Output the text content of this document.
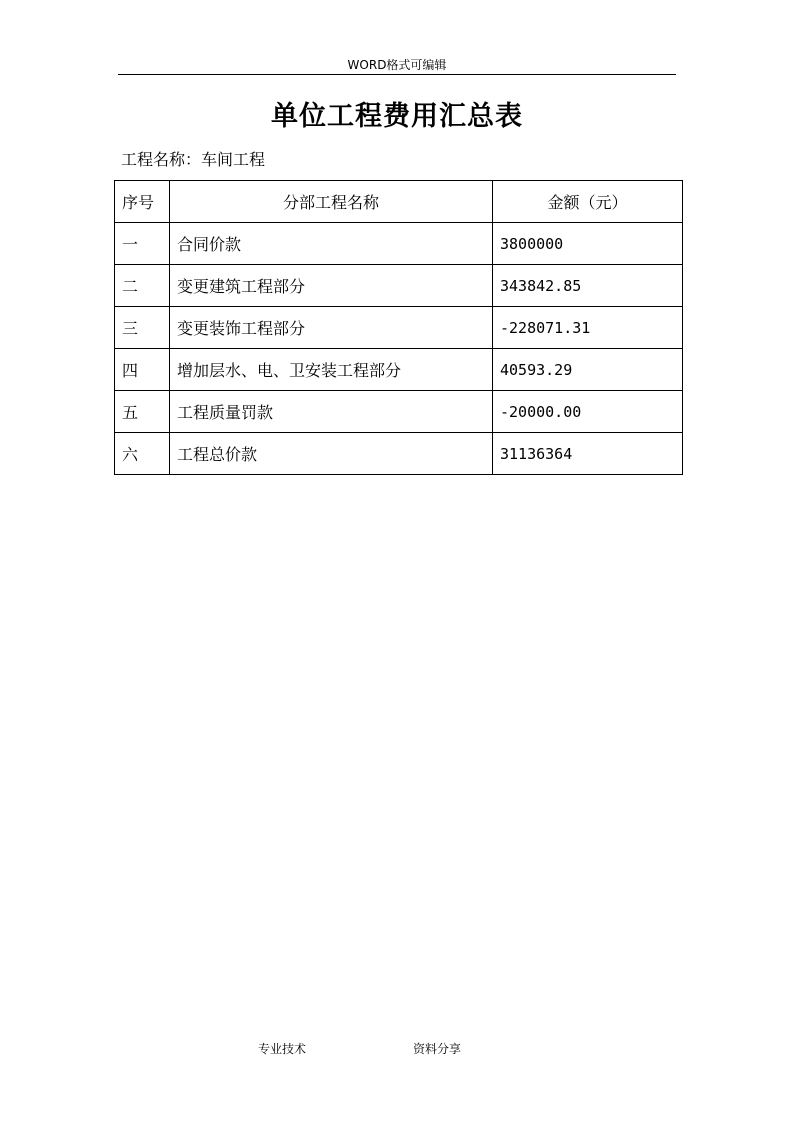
WORD格式可编辑
单位工程费用汇总表
工程名称：车间工程
序号	分部工程名称	金额（元）
一	合同价款	3800000
二	变更建筑工程部分	343842.85
三	变更装饰工程部分	-228071.31
四	增加层水、电、卫安装工程部分	40593.29
五	工程质量罚款	-20000.00
六	工程总价款	31136364
专业技术	资料分享
